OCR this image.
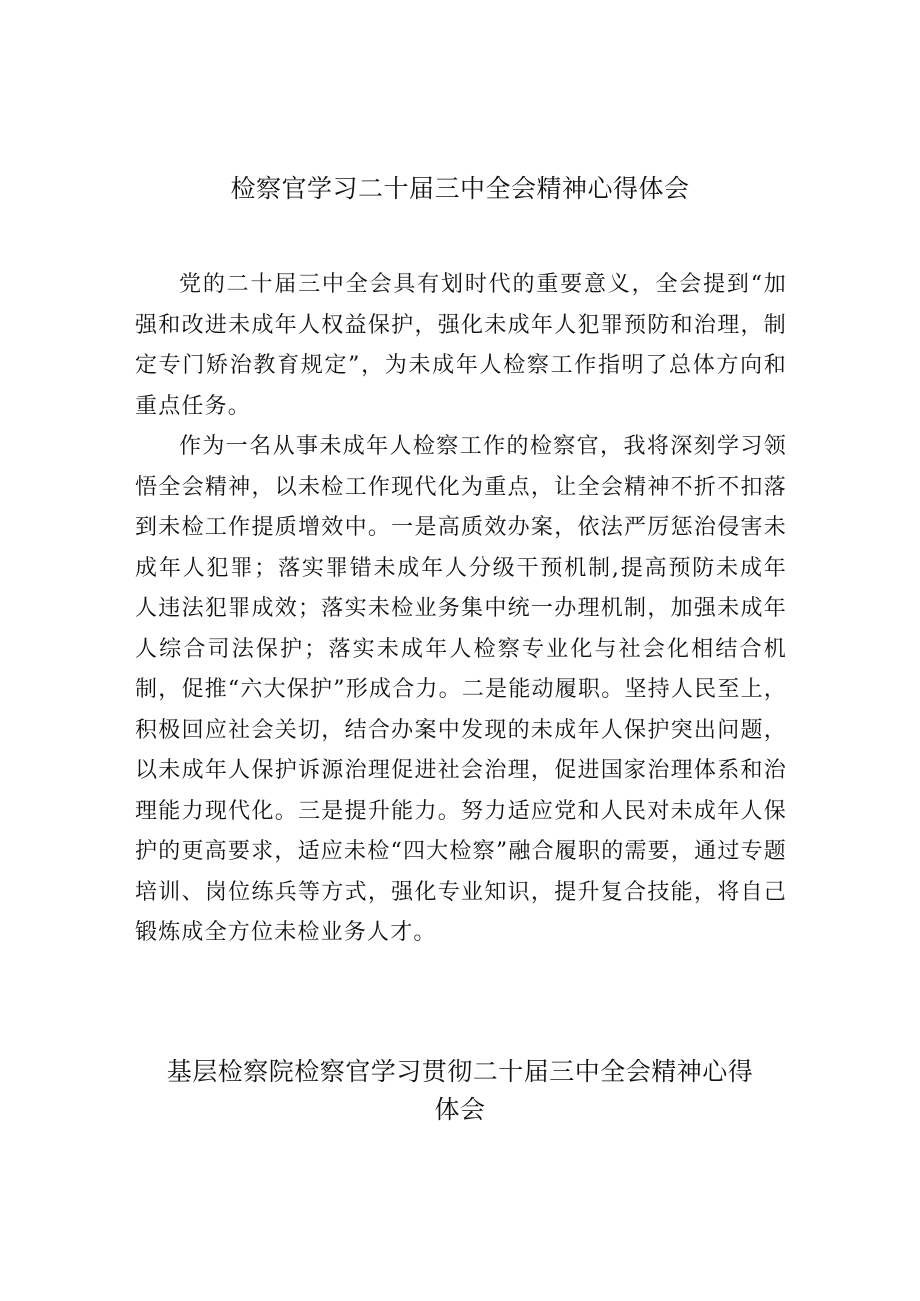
检察官学习二十届三中全会精神心得体会

党的二十届三中全会具有划时代的重要意义，全会提到“加强和改进未成年人权益保护，强化未成年人犯罪预防和治理，制定专门矫治教育规定”，为未成年人检察工作指明了总体方向和重点任务。

作为一名从事未成年人检察工作的检察官，我将深刻学习领悟全会精神，以未检工作现代化为重点，让全会精神不折不扣落到未检工作提质增效中。一是高质效办案，依法严厉惩治侵害未成年人犯罪；落实罪错未成年人分级干预机制,提高预防未成年人违法犯罪成效；落实未检业务集中统一办理机制，加强未成年人综合司法保护；落实未成年人检察专业化与社会化相结合机制，促推“六大保护”形成合力。二是能动履职。坚持人民至上，积极回应社会关切，结合办案中发现的未成年人保护突出问题，以未成年人保护诉源治理促进社会治理，促进国家治理体系和治理能力现代化。三是提升能力。努力适应党和人民对未成年人保护的更高要求，适应未检“四大检察”融合履职的需要，通过专题培训、岗位练兵等方式，强化专业知识，提升复合技能，将自己锻炼成全方位未检业务人才。

基层检察院检察官学习贯彻二十届三中全会精神心得
体会
